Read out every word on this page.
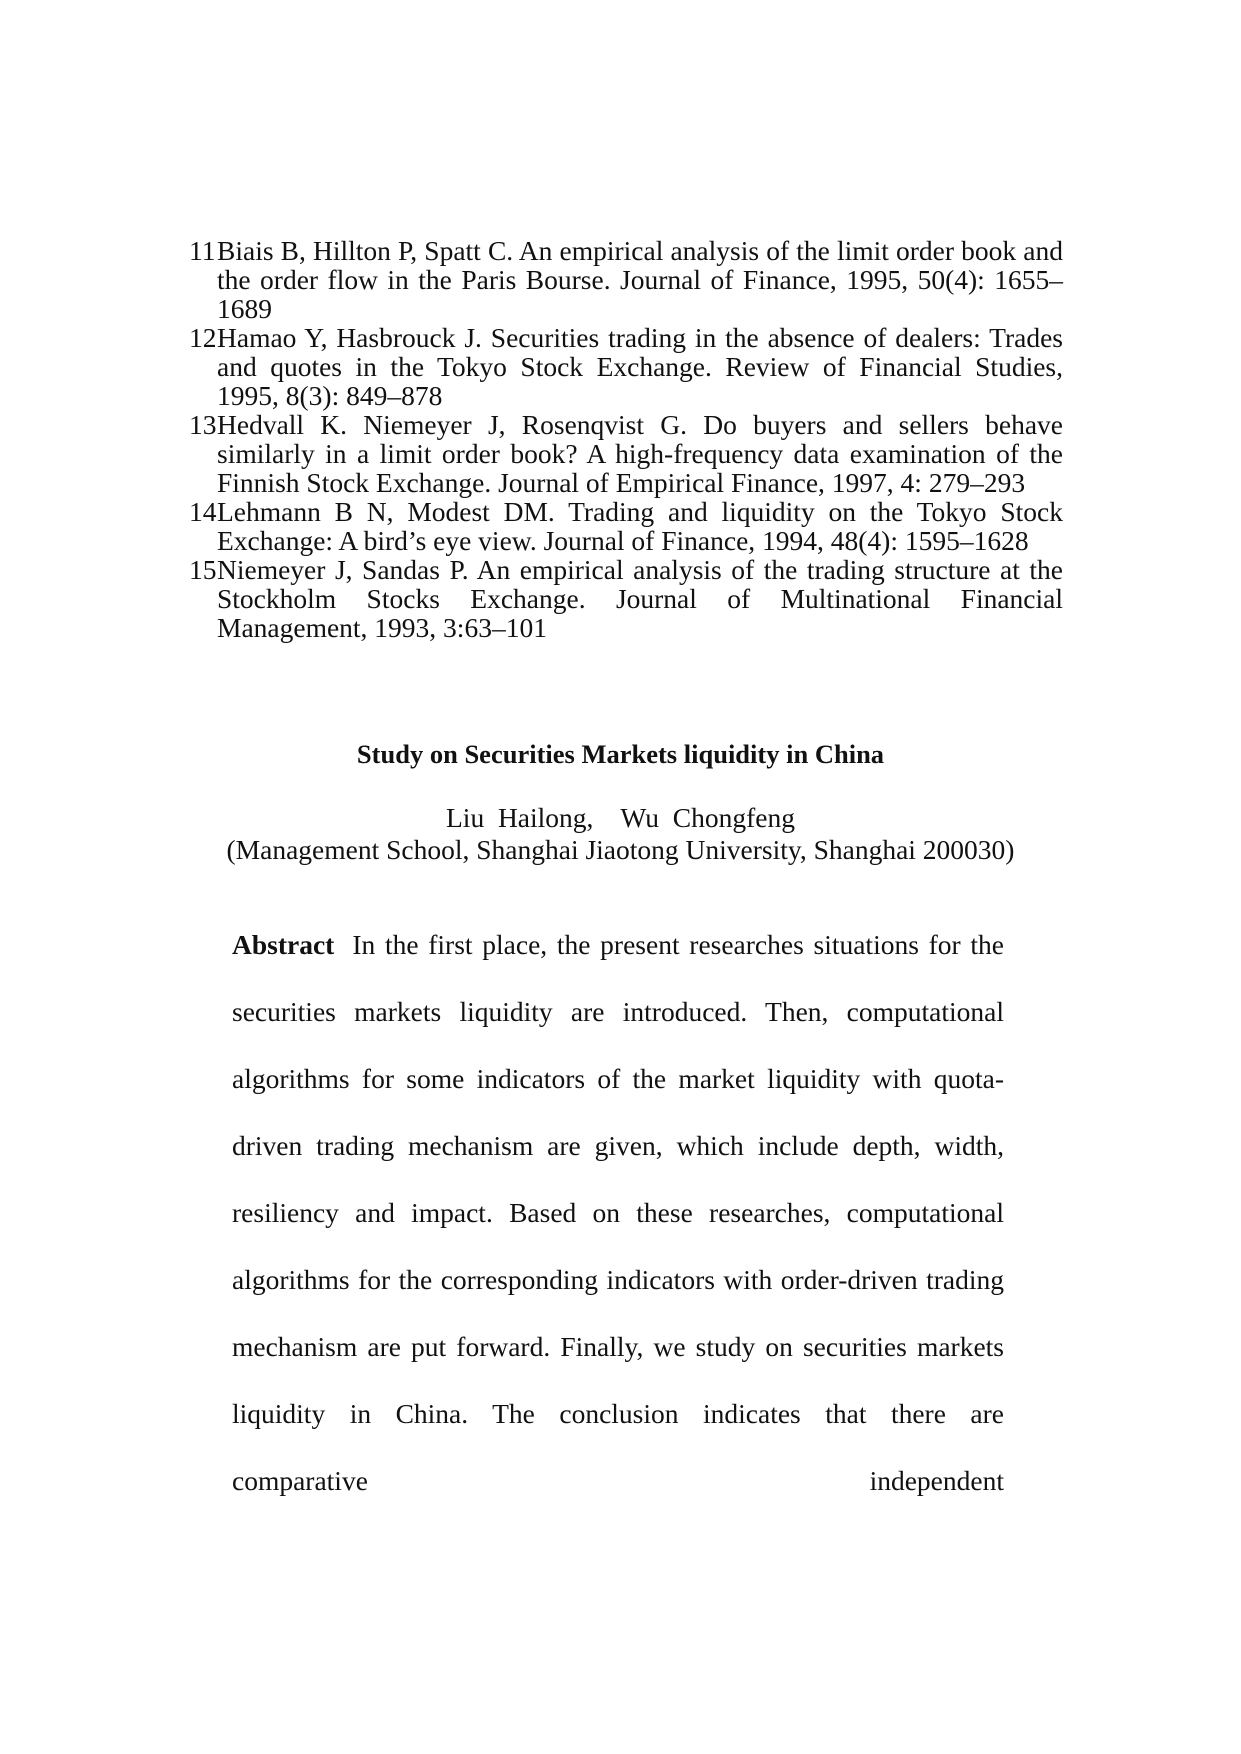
11 Biais B, Hillton P, Spatt C. An empirical analysis of the limit order book and the order flow in the Paris Bourse. Journal of Finance, 1995, 50(4): 1655–1689
12 Hamao Y, Hasbrouck J. Securities trading in the absence of dealers: Trades and quotes in the Tokyo Stock Exchange. Review of Financial Studies, 1995, 8(3): 849–878
13 Hedvall K. Niemeyer J, Rosenqvist G. Do buyers and sellers behave similarly in a limit order book? A high-frequency data examination of the Finnish Stock Exchange. Journal of Empirical Finance, 1997, 4: 279–293
14 Lehmann B N, Modest DM. Trading and liquidity on the Tokyo Stock Exchange: A bird’s eye view. Journal of Finance, 1994, 48(4): 1595–1628
15 Niemeyer J, Sandas P. An empirical analysis of the trading structure at the Stockholm Stocks Exchange. Journal of Multinational Financial Management, 1993, 3:63–101
Study on Securities Markets liquidity in China
Liu  Hailong,    Wu  Chongfeng
(Management School, Shanghai Jiaotong University, Shanghai 200030)
Abstract In the first place, the present researches situations for the securities markets liquidity are introduced. Then, computational algorithms for some indicators of the market liquidity with quota-driven trading mechanism are given, which include depth, width, resiliency and impact. Based on these researches, computational algorithms for the corresponding indicators with order-driven trading mechanism are put forward. Finally, we study on securities markets liquidity in China. The conclusion indicates that there are comparative independent
